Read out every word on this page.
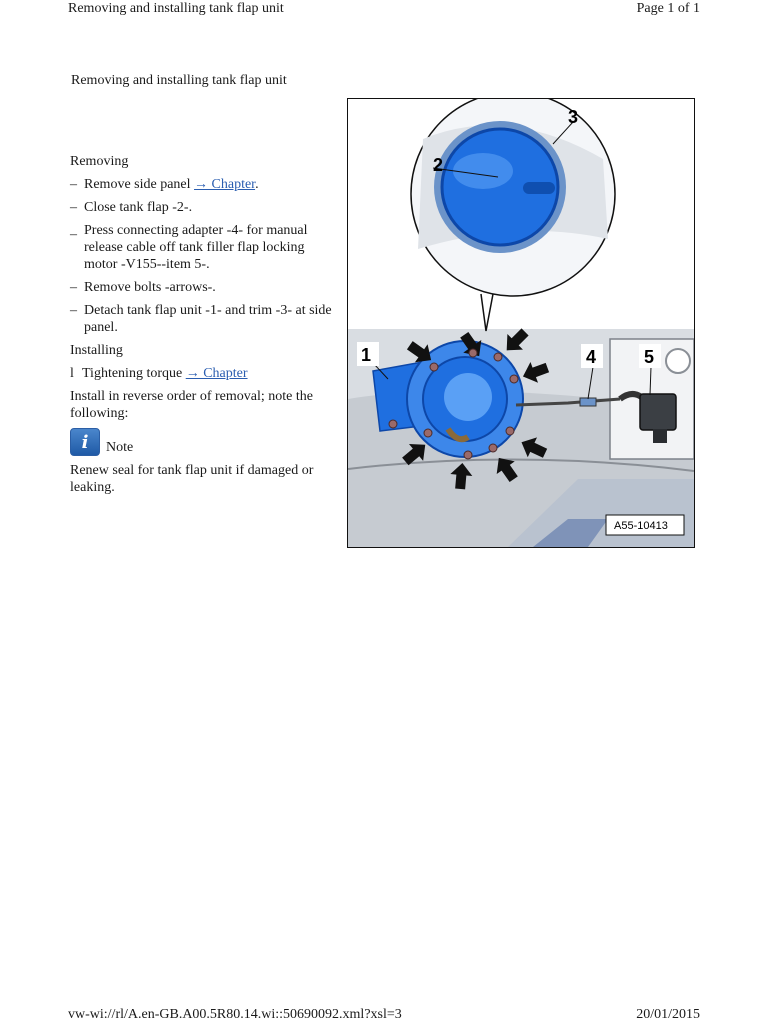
Removing and installing tank flap unit	Page 1 of 1
Removing and installing tank flap unit
Removing
– Remove side panel → Chapter.
– Close tank flap -2-.
– Press connecting adapter -4- for manual release cable off tank filler flap locking motor -V155--item 5-.
– Remove bolts -arrows-.
– Detach tank flap unit -1- and trim -3- at side panel.
Installing
l Tightening torque → Chapter

Install in reverse order of removal; note the following:

i	Note

Renew seal for tank flap unit if damaged or leaking.

1
2
3
4	5
A55-10413
vw-wi://rl/A.en-GB.A00.5R80.14.wi::50690092.xml?xsl=3	20/01/2015
